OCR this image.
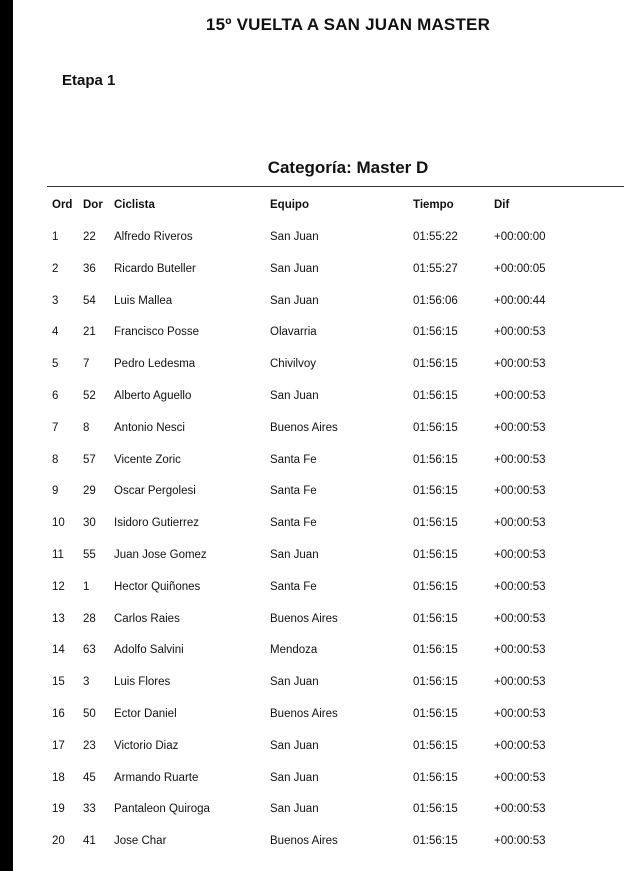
15º VUELTA A SAN JUAN MASTER
Etapa 1
Categoría: Master D
Ord Dor Ciclista	Equipo	Tiempo	Dif
1 22 Alfredo Riveros	San Juan	01:55:22	+00:00:00
2 36 Ricardo Buteller	San Juan	01:55:27	+00:00:05
3 54 Luis Mallea	San Juan	01:56:06	+00:00:44
4 21 Francisco Posse	Olavarria	01:56:15	+00:00:53
5 7 Pedro Ledesma	Chivilvoy	01:56:15	+00:00:53
6 52 Alberto Aguello	San Juan	01:56:15	+00:00:53
7 8 Antonio Nesci	Buenos Aires	01:56:15	+00:00:53
8 57 Vicente Zoric	Santa Fe	01:56:15	+00:00:53
9 29 Oscar Pergolesi	Santa Fe	01:56:15	+00:00:53
10 30 Isidoro Gutierrez	Santa Fe	01:56:15	+00:00:53
11 55 Juan Jose Gomez	San Juan	01:56:15	+00:00:53
12 1 Hector Quiñones	Santa Fe	01:56:15	+00:00:53
13 28 Carlos Raies	Buenos Aires	01:56:15	+00:00:53
14 63 Adolfo Salvini	Mendoza	01:56:15	+00:00:53
15 3 Luis Flores	San Juan	01:56:15	+00:00:53
16 50 Ector Daniel	Buenos Aires	01:56:15	+00:00:53
17 23 Victorio Diaz	San Juan	01:56:15	+00:00:53
18 45 Armando Ruarte	San Juan	01:56:15	+00:00:53
19 33 Pantaleon Quiroga	San Juan	01:56:15	+00:00:53
20 41 Jose Char	Buenos Aires	01:56:15	+00:00:53
